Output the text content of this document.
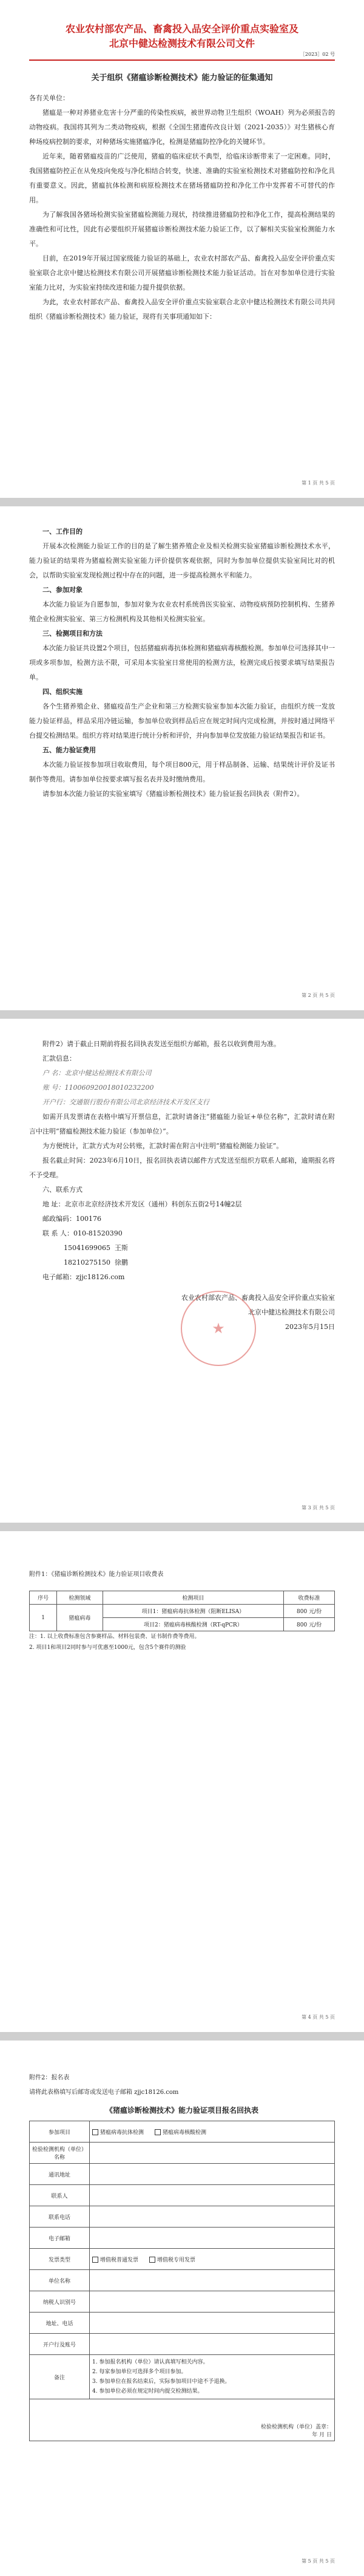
农业农村部农产品、畜禽投入品安全评价重点实验室及
北京中健达检测技术有限公司文件
［2023］02 号
关于组织《猪瘟诊断检测技术》能力验证的征集通知

各有关单位：

猪瘟是一种对养猪业危害十分严重的传染性疾病，被世界动物卫生组织（WOAH）列为必须报告的动物疫病。我国将其列为二类动物疫病，根据《全国生猪遗传改良计划（2021-2035）》对生猪核心育种场疫病控制的要求，对种猪场实施猪瘟净化，检测是猪瘟防控净化的关键环节。

近年来，随着猪瘟疫苗的广泛使用，猪瘟的临床症状不典型，给临床诊断带来了一定困难。同时，我国猪瘟防控正在从免疫向免疫与净化相结合转变，快速、准确的实验室检测技术对猪瘟防控和净化具有重要意义。因此，猪瘟抗体检测和病原检测技术在猪场猪瘟防控和净化工作中发挥着不可替代的作用。

为了解我国各猪场检测实验室猪瘟检测能力现状，持续推进猪瘟防控和净化工作，提高检测结果的准确性和可比性，因此有必要组织开展猪瘟诊断检测技术能力验证工作，以了解相关实验室检测能力水平。

目前，在2019年开展过国家级能力验证的基础上，农业农村部农产品、畜禽投入品安全评价重点实验室联合北京中健达检测技术有限公司开展猪瘟诊断检测技术能力验证活动。旨在对参加单位进行实验室能力比对，为实验室持续改进和能力提升提供依据。

为此，农业农村部农产品、畜禽投入品安全评价重点实验室联合北京中健达检测技术有限公司共同组织《猪瘟诊断检测技术》能力验证，现将有关事项通知如下：

第 1 页 共 5 页

一、工作目的

开展本次检测能力验证工作的目的是了解生猪养殖企业及相关检测实验室猪瘟诊断检测技术水平，能力验证的结果将为猪瘟检测实验室能力评价提供客观依据，同时为参加单位提供实验室间比对的机会，以帮助实验室发现检测过程中存在的问题，进一步提高检测水平和能力。

二、参加对象

本次能力验证为自愿参加，参加对象为农业农村系统兽医实验室、动物疫病预防控制机构、生猪养殖企业检测实验室、第三方检测机构及其他相关检测实验室。

三、检测项目和方法

本次能力验证共设置2个项目，包括猪瘟病毒抗体检测和猪瘟病毒核酸检测。参加单位可选择其中一项或多项参加，检测方法不限，可采用本实验室日常使用的检测方法，检测完成后按要求填写结果报告单。

四、组织实施

各个生猪养殖企业、猪瘟疫苗生产企业和第三方检测实验室参加本次能力验证，由组织方统一发放能力验证样品，样品采用冷链运输，参加单位收到样品后应在规定时间内完成检测，并按时通过网络平台提交检测结果。组织方将对结果进行统计分析和评价，并向参加单位发放能力验证结果报告和证书。

五、能力验证费用

本次能力验证按参加项目收取费用，每个项目800元，用于样品制备、运输、结果统计评价及证书制作等费用。请参加单位按要求填写报名表并及时缴纳费用。

请参加本次能力验证的实验室填写《猪瘟诊断检测技术》能力验证报名回执表（附件2）。

第 2 页 共 5 页

附件2）请于截止日期前将报名回执表发送至组织方邮箱，报名以收到费用为准。

汇款信息：

户 名：北京中健达检测技术有限公司

账 号：110060920018010232200

开户行：交通银行股份有限公司北京经济技术开发区支行

如需开具发票请在表格中填写开票信息，汇款时请备注“猪瘟能力验证+单位名称”，汇款时请在附言中注明“猪瘟检测技术能力验证（参加单位）”。

为方便统计，汇款方式为对公转账，汇款时需在附言中注明“猪瘟检测能力验证”。

报名截止时间：2023年6月10日，报名回执表请以邮件方式发送至组织方联系人邮箱，逾期报名将不予受理。

六、联系方式

地 址：北京市北京经济技术开发区（通州）科创东五街2号14幢2层

邮政编码：100176

联 系 人：010-81520390

15041699065  王斯

18210275150  徐鹏

电子邮箱：zjjc18126.com

★
农业农村部农产品、畜禽投入品安全评价重点实验室
北京中健达检测技术有限公司
2023年5月15日
第 3 页 共 5 页

附件1：《猪瘟诊断检测技术》能力验证项目收费表

序号	检测领域	检测项目	收费标准
1	猪瘟病毒	项目1：猪瘟病毒抗体检测（阻断ELISA）	800 元/份
		项目2：猪瘟病毒核酸检测（RT-qPCR）	800 元/份

注：1. 以上收费标准包含参赛样品、材料包装费、证书制作费等费用。

2. 项目1和项目2同时参与可优惠至1000元，包含5个赛件的测验

第 4 页 共 5 页

附件2：报名表

请将此表格填写后邮寄或发送电子邮箱 zjjc18126.com

《猪瘟诊断检测技术》能力验证项目报名回执表
参加项目	猪瘟病毒抗体检测 猪瘟病毒核酸检测
检验检测机构（单位）名称	
通讯地址	
联系人	
联系电话	
电子邮箱	
发票类型	增值税普通发票 增值税专用发票
单位名称	
纳税人识别号	
地址、电话	
开户行及账号	
备注	1. 参加报名机构（单位）请认真填写相关内容。
2. 每家参加单位可选择多个项目参加。
3. 参加单位在报名结束后，实际参加项目中途不予退换。
4. 参加单位必须在规定时间内提交检测结果。

检验检测机构（单位）盖章：
年 月 日	
第 5 页 共 5 页
